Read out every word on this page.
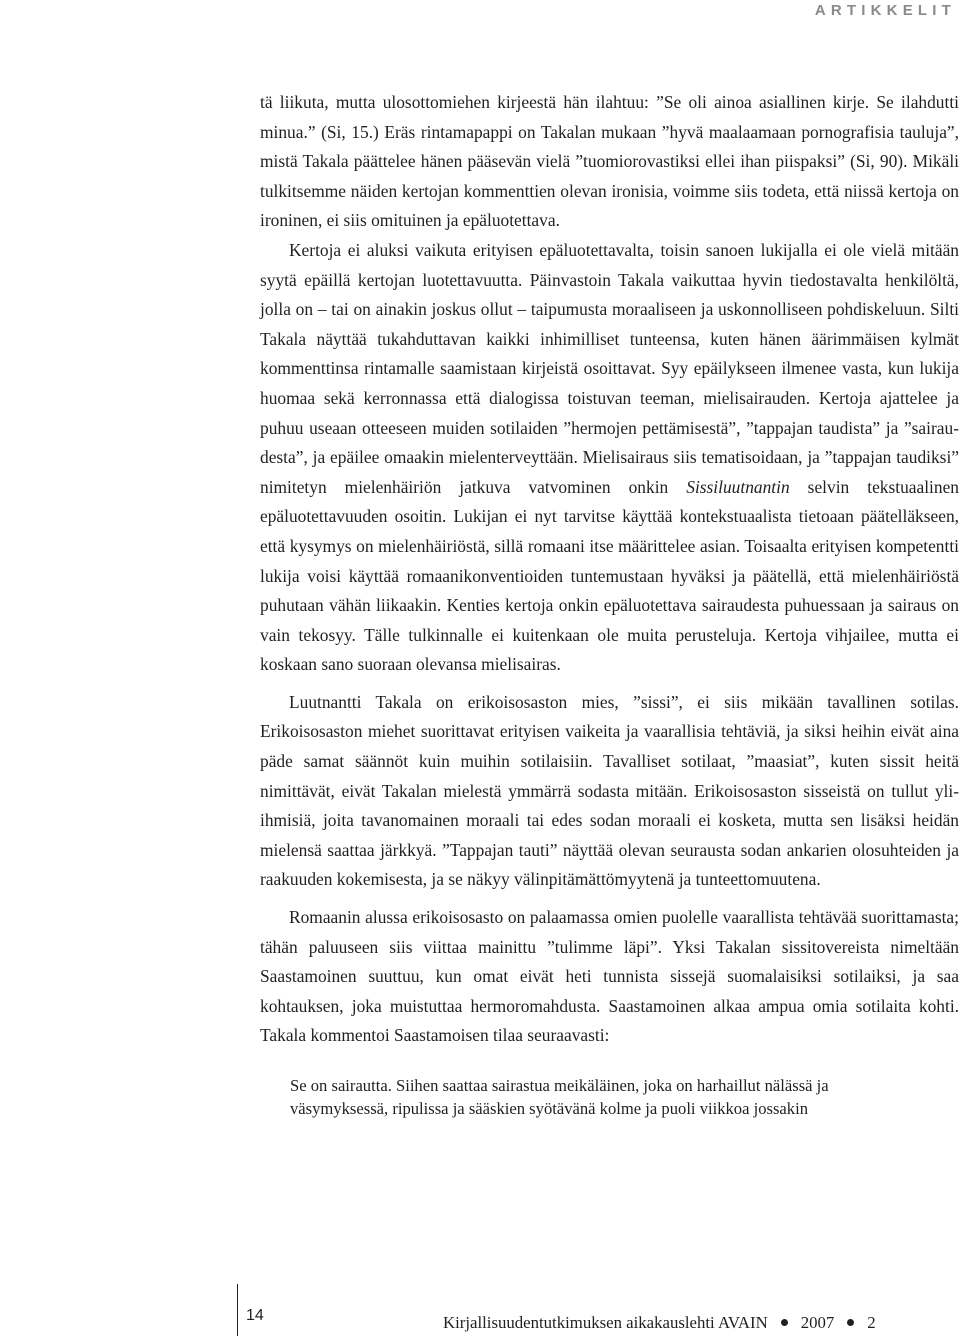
ARTIKKELIT

tä liikuta, mutta ulosottomiehen kirjeestä hän ilahtuu: ”Se oli ainoa asiallinen kirje. Se ilahdutti minua.” (Si, 15.) Eräs rintamapappi on Takalan mukaan ”hyvä maalaamaan pornografisia tauluja”, mistä Takala päättelee hänen pääsevän vielä ”tuomiorovastiksi ellei ihan piispaksi” (Si, 90). Mikäli tulkitsemme näiden kertojan kommenttien olevan ironisia, voimme siis todeta, että niissä kertoja on ironinen, ei siis omituinen ja epäluotettava.

Kertoja ei aluksi vaikuta erityisen epäluotettavalta, toisin sanoen lukijalla ei ole vielä mitään syytä epäillä kertojan luotettavuutta. Päinvastoin Takala vaikuttaa hyvin tiedostavalta henkilöltä, jolla on – tai on ainakin joskus ollut – taipumusta moraaliseen ja uskonnolliseen pohdiskeluun. Silti Takala näyttää tukahduttavan kaikki inhimilliset tunteensa, kuten hänen äärimmäisen kylmät kommenttinsa rintamalle saamistaan kirjeistä osoittavat. Syy epäilykseen ilmenee vasta, kun lukija huomaa sekä kerronnassa että dialogissa toistuvan teeman, mielisairauden. Kertoja ajattelee ja puhuu useaan otteeseen muiden sotilaiden ”hermojen pettämisestä”, ”tappajan taudista” ja ”sairaudesta”, ja epäilee omaakin mielenterveyttään. Mielisairaus siis tematisoidaan, ja ”tappajan taudiksi” nimitetyn mielenhäiriön jatkuva vatvominen onkin Sissiluutnantin selvin tekstuaalinen epäluotettavuuden osoitin. Lukijan ei nyt tarvitse käyttää kontekstuaalista tietoaan päätelläkseen, että kysymys on mielenhäiriöstä, sillä romaani itse määrittelee asian. Toisaalta erityisen kompetentti lukija voisi käyttää romaanikonventioiden tuntemustaan hyväksi ja päätellä, että mielenhäiriöstä puhutaan vähän liikaakin. Kenties kertoja onkin epäluotettava sairaudesta puhuessaan ja sairaus on vain tekosyy. Tälle tulkinnalle ei kuitenkaan ole muita perusteluja. Kertoja vihjailee, mutta ei koskaan sano suoraan olevansa mielisairas.

Luutnantti Takala on erikoisosaston mies, ”sissi”, ei siis mikään tavallinen sotilas. Erikoisosaston miehet suorittavat erityisen vaikeita ja vaarallisia tehtäviä, ja siksi heihin eivät aina päde samat säännöt kuin muihin sotilaisiin. Tavalliset sotilaat, ”maasiat”, kuten sissit heitä nimittävät, eivät Takalan mielestä ymmärrä sodasta mitään. Erikoisosaston sisseistä on tullut yli-ihmisiä, joita tavanomainen moraali tai edes sodan moraali ei kosketa, mutta sen lisäksi heidän mielensä saattaa järkkyä. ”Tappajan tauti” näyttää olevan seurausta sodan ankarien olosuhteiden ja raakuuden kokemisesta, ja se näkyy välinpitämättömyytenä ja tunteettomuutena.

Romaanin alussa erikoisosasto on palaamassa omien puolelle vaarallista tehtävää suorittamasta; tähän paluuseen siis viittaa mainittu ”tulimme läpi”. Yksi Takalan sissitovereista nimeltään Saastamoinen suuttuu, kun omat eivät heti tunnista sissejä suomalaisiksi sotilaiksi, ja saa kohtauksen, joka muistuttaa hermoromahdusta. Saastamoinen alkaa ampua omia sotilaita kohti. Takala kommentoi Saastamoisen tilaa seuraavasti:

Se on sairautta. Siihen saattaa sairastua meikäläinen, joka on harhaillut nälässä ja väsymyksessä, ripulissa ja sääskien syötävänä kolme ja puoli viikkoa jossakin

14	Kirjallisuudentutkimuksen aikakauslehti AVAIN 2007 2
